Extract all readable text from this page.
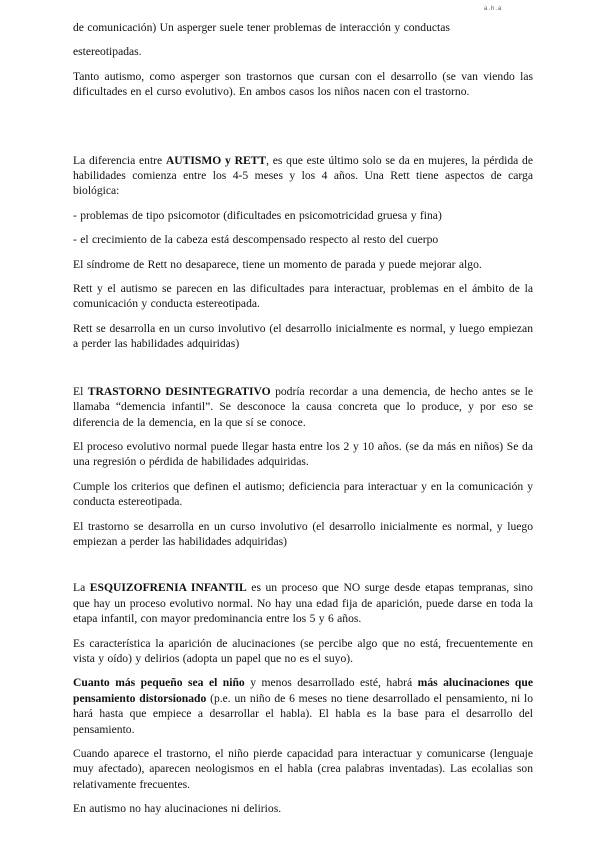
a.h.a

de comunicación) Un asperger suele tener problemas de interacción y conductas

estereotipadas.

Tanto autismo, como asperger son trastornos que cursan con el desarrollo (se van viendo las dificultades en el curso evolutivo). En ambos casos los niños nacen con el trastorno.

La diferencia entre AUTISMO y RETT, es que este último solo se da en mujeres, la pérdida de habilidades comienza entre los 4-5 meses y los 4 años. Una Rett tiene aspectos de carga biológica:

- problemas de tipo psicomotor (dificultades en psicomotricidad gruesa y fina)

- el crecimiento de la cabeza está descompensado respecto al resto del cuerpo

El síndrome de Rett no desaparece, tiene un momento de parada y puede mejorar algo.

Rett y el autismo se parecen en las dificultades para interactuar, problemas en el ámbito de la comunicación y conducta estereotipada.

Rett se desarrolla en un curso involutivo (el desarrollo inicialmente es normal, y luego empiezan a perder las habilidades adquiridas)

El TRASTORNO DESINTEGRATIVO podría recordar a una demencia, de hecho antes se le llamaba “demencia infantil”. Se desconoce la causa concreta que lo produce, y por eso se diferencia de la demencia, en la que sí se conoce.

El proceso evolutivo normal puede llegar hasta entre los 2 y 10 años. (se da más en niños) Se da una regresión o pérdida de habilidades adquiridas.

Cumple los criterios que definen el autismo; deficiencia para interactuar y en la comunicación y conducta estereotipada.

El trastorno se desarrolla en un curso involutivo (el desarrollo inicialmente es normal, y luego empiezan a perder las habilidades adquiridas)

La ESQUIZOFRENIA INFANTIL es un proceso que NO surge desde etapas tempranas, sino que hay un proceso evolutivo normal. No hay una edad fija de aparición, puede darse en toda la etapa infantil, con mayor predominancia entre los 5 y 6 años.

Es característica la aparición de alucinaciones (se percibe algo que no está, frecuentemente en vista y oído) y delirios (adopta un papel que no es el suyo).

Cuanto más pequeño sea el niño y menos desarrollado esté, habrá más alucinaciones que pensamiento distorsionado (p.e. un niño de 6 meses no tiene desarrollado el pensamiento, ni lo hará hasta que empiece a desarrollar el habla). El habla es la base para el desarrollo del pensamiento.

Cuando aparece el trastorno, el niño pierde capacidad para interactuar y comunicarse (lenguaje muy afectado), aparecen neologismos en el habla (crea palabras inventadas). Las ecolalias son relativamente frecuentes.

En autismo no hay alucinaciones ni delirios.
